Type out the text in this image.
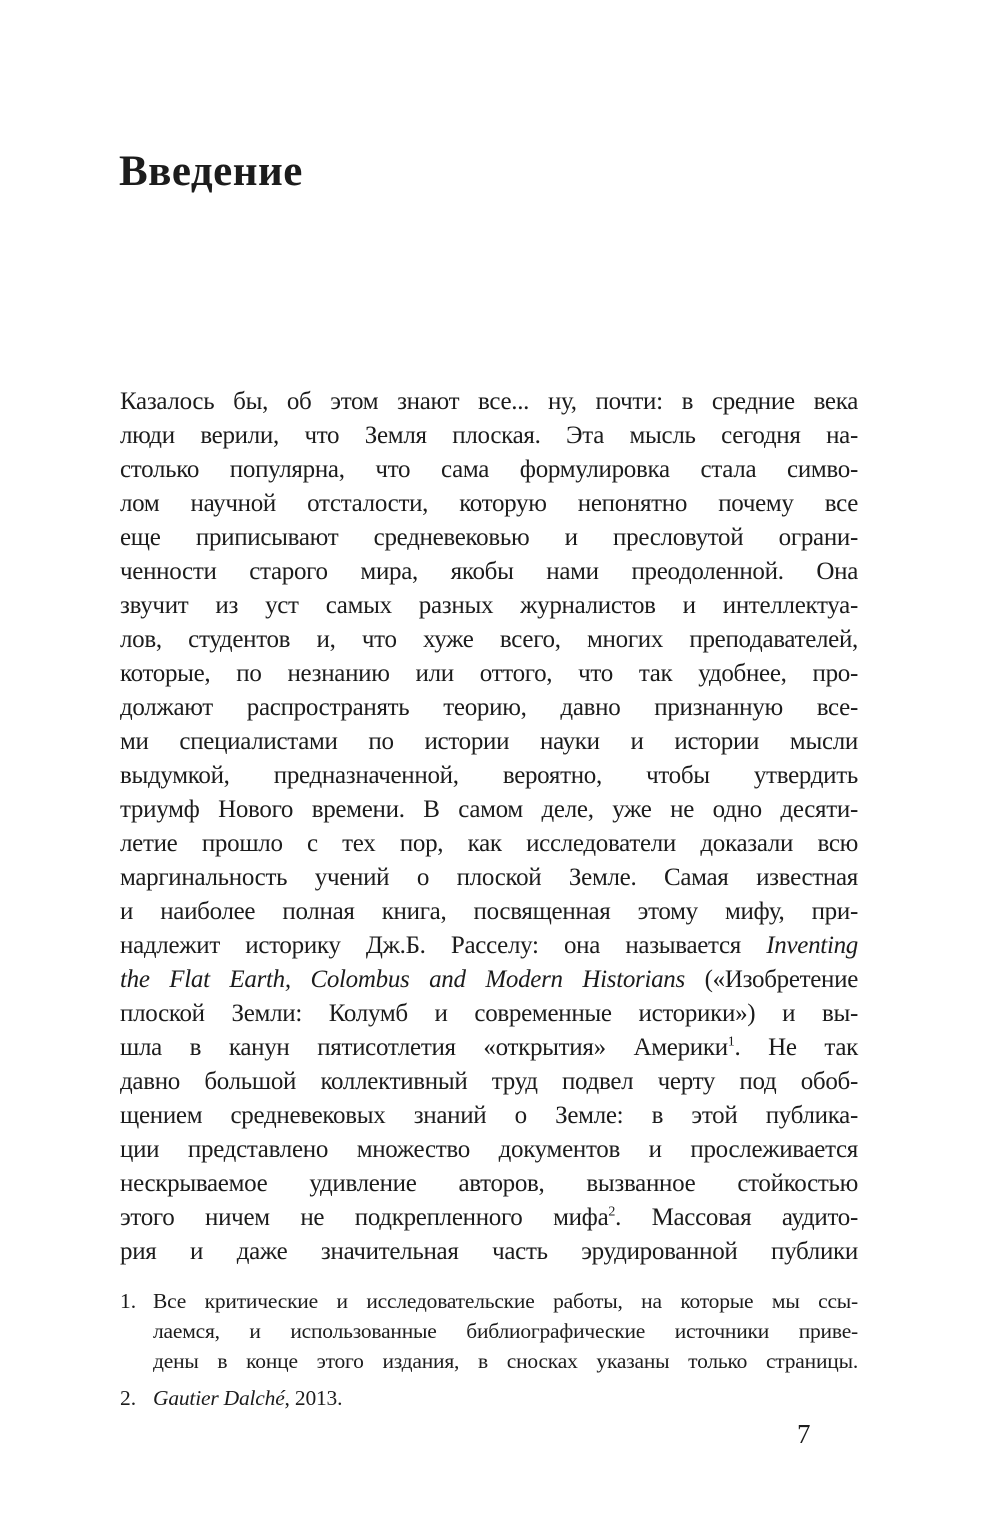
Введение
Казалось бы, об этом знают все... ну, почти: в средние века
люди верили, что Земля плоская. Эта мысль сегодня на-
столько популярна, что сама формулировка стала симво-
лом научной отсталости, которую непонятно почему все
еще приписывают средневековью и пресловутой ограни-
ченности старого мира, якобы нами преодоленной. Она
звучит из уст самых разных журналистов и интеллектуа-
лов, студентов и, что хуже всего, многих преподавателей,
которые, по незнанию или оттого, что так удобнее, про-
должают распространять теорию, давно признанную все-
ми специалистами по истории науки и истории мысли
выдумкой, предназначенной, вероятно, чтобы утвердить
триумф Нового времени. В самом деле, уже не одно десяти-
летие прошло с тех пор, как исследователи доказали всю
маргинальность учений о плоской Земле. Самая известная
и наиболее полная книга, посвященная этому мифу, при-
надлежит историку Дж.Б. Расселу: она называется Inventing
the Flat Earth, Colombus and Modern Historians («Изобретение
плоской Земли: Колумб и современные историки») и вы-
шла в канун пятисотлетия «открытия» Америки$^1$. Не так
давно большой коллективный труд подвел черту под обоб-
щением средневековых знаний о Земле: в этой публика-
ции представлено множество документов и прослеживается
нескрываемое удивление авторов, вызванное стойкостью
этого ничем не подкрепленного мифа$^2$. Массовая аудито-
рия и даже значительная часть эрудированной публики
1. Все критические и исследовательские работы, на которые мы ссы-
лаемся, и использованные библиографические источники приве-
дены в конце этого издания, в сносках указаны только страницы.
2. Gautier Dalché, 2013.
7
